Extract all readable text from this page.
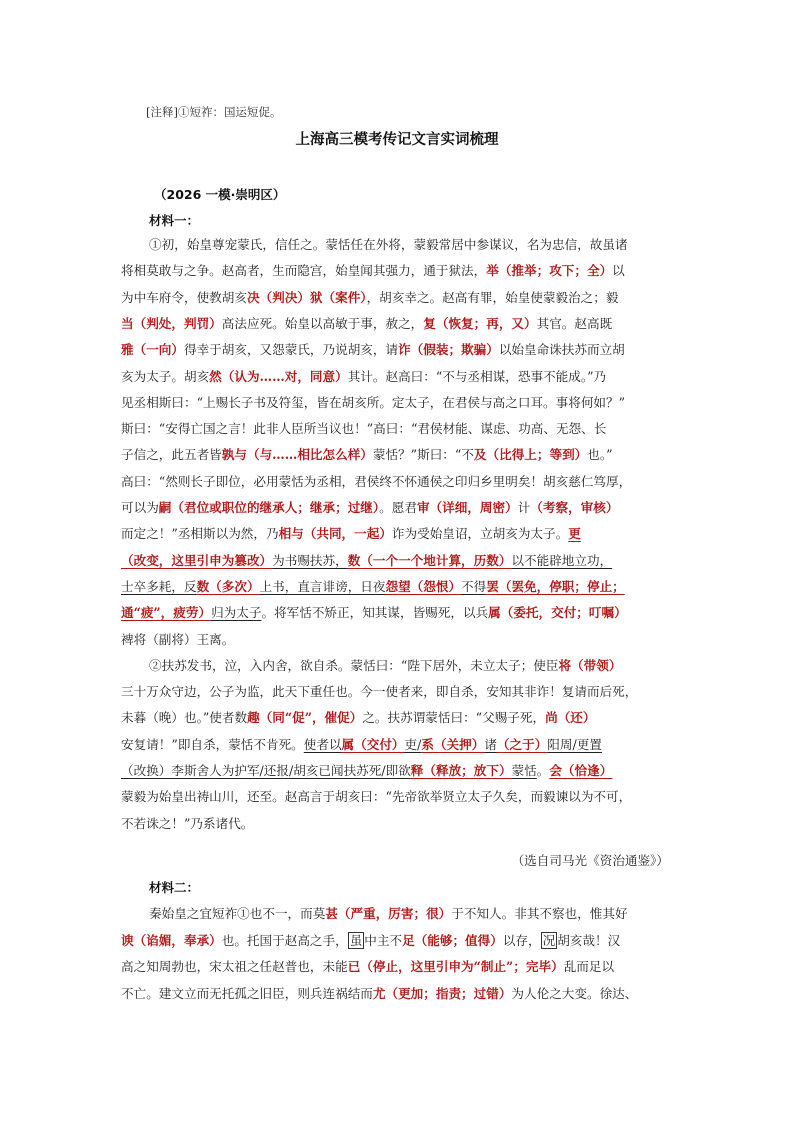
[注释]①短祚：国运短促。
上海高三模考传记文言实词梳理
（2026 一模·崇明区）
材料一：
①初，始皇尊宠蒙氏，信任之。蒙恬任在外将，蒙毅常居中参谋议，名为忠信，故虽诸
将相莫敢与之争。赵高者，生而隐宫，始皇闻其强力，通于狱法，举（推举；攻下；全）以
为中车府令，使教胡亥决（判决）狱（案件），胡亥幸之。赵高有罪，始皇使蒙毅治之；毅
当（判处，判罚）高法应死。始皇以高敏于事，赦之，复（恢复；再，又）其官。赵高既
雅（一向）得幸于胡亥，又怨蒙氏，乃说胡亥，请诈（假装；欺骗）以始皇命诛扶苏而立胡
亥为太子。胡亥然（认为……对，同意）其计。赵高曰：“不与丞相谋，恐事不能成。”乃
见丞相斯曰：“上赐长子书及符玺，皆在胡亥所。定太子，在君侯与高之口耳。事将何如？”
斯曰：“安得亡国之言！此非人臣所当议也！”高曰：“君侯材能、谋虑、功高、无怨、长
子信之，此五者皆孰与（与……相比怎么样）蒙恬？”斯曰：“不及（比得上；等到）也。”
高曰：“然则长子即位，必用蒙恬为丞相，君侯终不怀通侯之印归乡里明矣！胡亥慈仁笃厚，
可以为嗣（君位或职位的继承人；继承；过继）。愿君审（详细，周密）计（考察，审核）
而定之！”丞相斯以为然，乃相与（共同，一起）诈为受始皇诏，立胡亥为太子。更
（改变，这里引申为篡改）为书赐扶苏，数（一个一个地计算，历数）以不能辟地立功，
士卒多耗，反数（多次）上书，直言诽谤，日夜怨望（怨恨）不得罢（罢免，停职；停止；
通“疲”，疲劳）归为太子。将军恬不矫正，知其谋，皆赐死，以兵属（委托，交付；叮嘱）
裨将（副将）王离。
②扶苏发书，泣，入内舍，欲自杀。蒙恬曰：“陛下居外，未立太子；使臣将（带领）
三十万众守边，公子为监，此天下重任也。今一使者来，即自杀，安知其非诈！复请而后死，
未暮（晚）也。”使者数趣（同“促”，催促）之。扶苏谓蒙恬曰：“父赐子死，尚（还）
安复请！”即自杀，蒙恬不肯死。使者以属（交付）吏/系（关押）诸（之于）阳周/更置
（改换）李斯舍人为护军/还报/胡亥已闻扶苏死/即欲释（释放；放下）蒙恬。会（恰逢）
蒙毅为始皇出祷山川，还至。赵高言于胡亥曰：“先帝欲举贤立太子久矣，而毅谏以为不可，
不若诛之！”乃系诸代。
（选自司马光《资治通鉴》）
材料二：
秦始皇之宜短祚①也不一，而莫甚（严重，厉害；很）于不知人。非其不察也，惟其好
谀（谄媚，奉承）也。托国于赵高之手， 虽 中主不足（能够；值得）以存， 况 胡亥哉！汉
高之知周勃也，宋太祖之任赵普也，未能已（停止，这里引申为“制止”；完毕）乱而足以
不亡。建文立而无托孤之旧臣，则兵连祸结而尤（更加；指责；过错）为人伦之大变。徐达、
